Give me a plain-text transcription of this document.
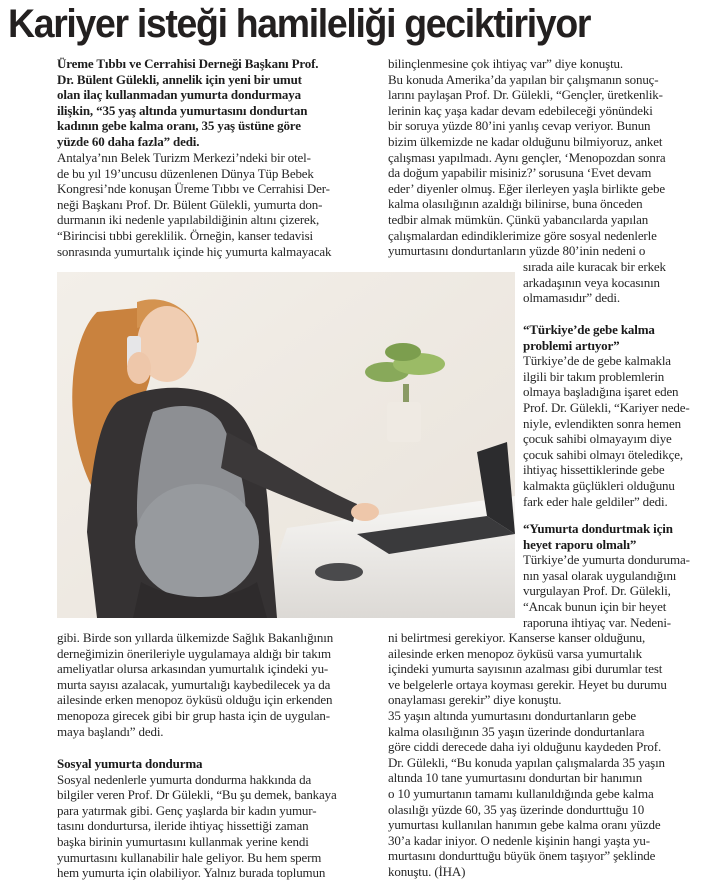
Kariyer isteği hamileliği geciktiriyor
Üreme Tıbbı ve Cerrahisi Derneği Başkanı Prof.
Dr. Bülent Gülekli, annelik için yeni bir umut
olan ilaç kullanmadan yumurta dondurmaya
ilişkin, “35 yaş altında yumurtasını dondurtan
kadının gebe kalma oranı, 35 yaş üstüne göre
yüzde 60 daha fazla” dedi.
Antalya’nın Belek Turizm Merkezi’ndeki bir otel-
de bu yıl 19’uncusu düzenlenen Dünya Tüp Bebek
Kongresi’nde konuşan Üreme Tıbbı ve Cerrahisi Der-
neği Başkanı Prof. Dr. Bülent Gülekli, yumurta don-
durmanın iki nedenle yapılabildiğinin altını çizerek,
“Birincisi tıbbi gereklilik. Örneğin, kanser tedavisi
sonrasında yumurtalık içinde hiç yumurta kalmayacak
gibi. Birde son yıllarda ülkemizde Sağlık Bakanlığının
derneğimizin önerileriyle uygulamaya aldığı bir takım
ameliyatlar olursa arkasından yumurtalık içindeki yu-
murta sayısı azalacak, yumurtalığı kaybedilecek ya da
ailesinde erken menopoz öyküsü olduğu için erkenden
menopoza girecek gibi bir grup hasta için de uygulan-
maya başlandı” dedi.
Sosyal yumurta dondurma
Sosyal nedenlerle yumurta dondurma hakkında da
bilgiler veren Prof. Dr Gülekli, “Bu şu demek, bankaya
para yatırmak gibi. Genç yaşlarda bir kadın yumur-
tasını dondurtursa, ileride ihtiyaç hissettiği zaman
başka birinin yumurtasını kullanmak yerine kendi
yumurtasını kullanabilir hale geliyor. Bu hem sperm
hem yumurta için olabiliyor. Yalnız burada toplumun
bilinçlenmesine çok ihtiyaç var” diye konuştu.
Bu konuda Amerika’da yapılan bir çalışmanın sonuç-
larını paylaşan Prof. Dr. Gülekli, “Gençler, üretkenlik-
lerinin kaç yaşa kadar devam edebileceği yönündeki
bir soruya yüzde 80’ini yanlış cevap veriyor. Bunun
bizim ülkemizde ne kadar olduğunu bilmiyoruz, anket
çalışması yapılmadı. Aynı gençler, ‘Menopozdan sonra
da doğum yapabilir misiniz?’ sorusuna ‘Evet devam
eder’ diyenler olmuş. Eğer ilerleyen yaşla birlikte gebe
kalma olasılığının azaldığı bilinirse, buna önceden
tedbir almak mümkün. Çünkü yabancılarda yapılan
çalışmalardan edindiklerimize göre sosyal nedenlerle
yumurtasını dondurtanların yüzde 80’inin nedeni o
sırada aile kuracak bir erkek
arkadaşının veya kocasının
olmamasıdır” dedi.
“Türkiye’de gebe kalma
problemi artıyor”
Türkiye’de de gebe kalmakla
ilgili bir takım problemlerin
olmaya başladığına işaret eden
Prof. Dr. Gülekli, “Kariyer nede-
niyle, evlendikten sonra hemen
çocuk sahibi olmayayım diye
çocuk sahibi olmayı öteledikçe,
ihtiyaç hissettiklerinde gebe
kalmakta güçlükleri olduğunu
fark eder hale geldiler” dedi.
“Yumurta dondurtmak için
heyet raporu olmalı”
Türkiye’de yumurta donduruma-
nın yasal olarak uygulandığını
vurgulayan Prof. Dr. Gülekli,
“Ancak bunun için bir heyet
raporuna ihtiyaç var. Nedeni-
ni belirtmesi gerekiyor. Kanserse kanser olduğunu,
ailesinde erken menopoz öyküsü varsa yumurtalık
içindeki yumurta sayısının azalması gibi durumlar test
ve belgelerle ortaya koyması gerekir. Heyet bu durumu
onaylaması gerekir” diye konuştu.
35 yaşın altında yumurtasını dondurtanların gebe
kalma olasılığının 35 yaşın üzerinde dondurtanlara
göre ciddi derecede daha iyi olduğunu kaydeden Prof.
Dr. Gülekli, “Bu konuda yapılan çalışmalarda 35 yaşın
altında 10 tane yumurtasını dondurtan bir hanımın
o 10 yumurtanın tamamı kullanıldığında gebe kalma
olasılığı yüzde 60, 35 yaş üzerinde dondurttuğu 10
yumurtası kullanılan hanımın gebe kalma oranı yüzde
30’a kadar iniyor. O nedenle kişinin hangi yaşta yu-
murtasını dondurttuğu büyük önem taşıyor” şeklinde
konuştu. (İHA)
